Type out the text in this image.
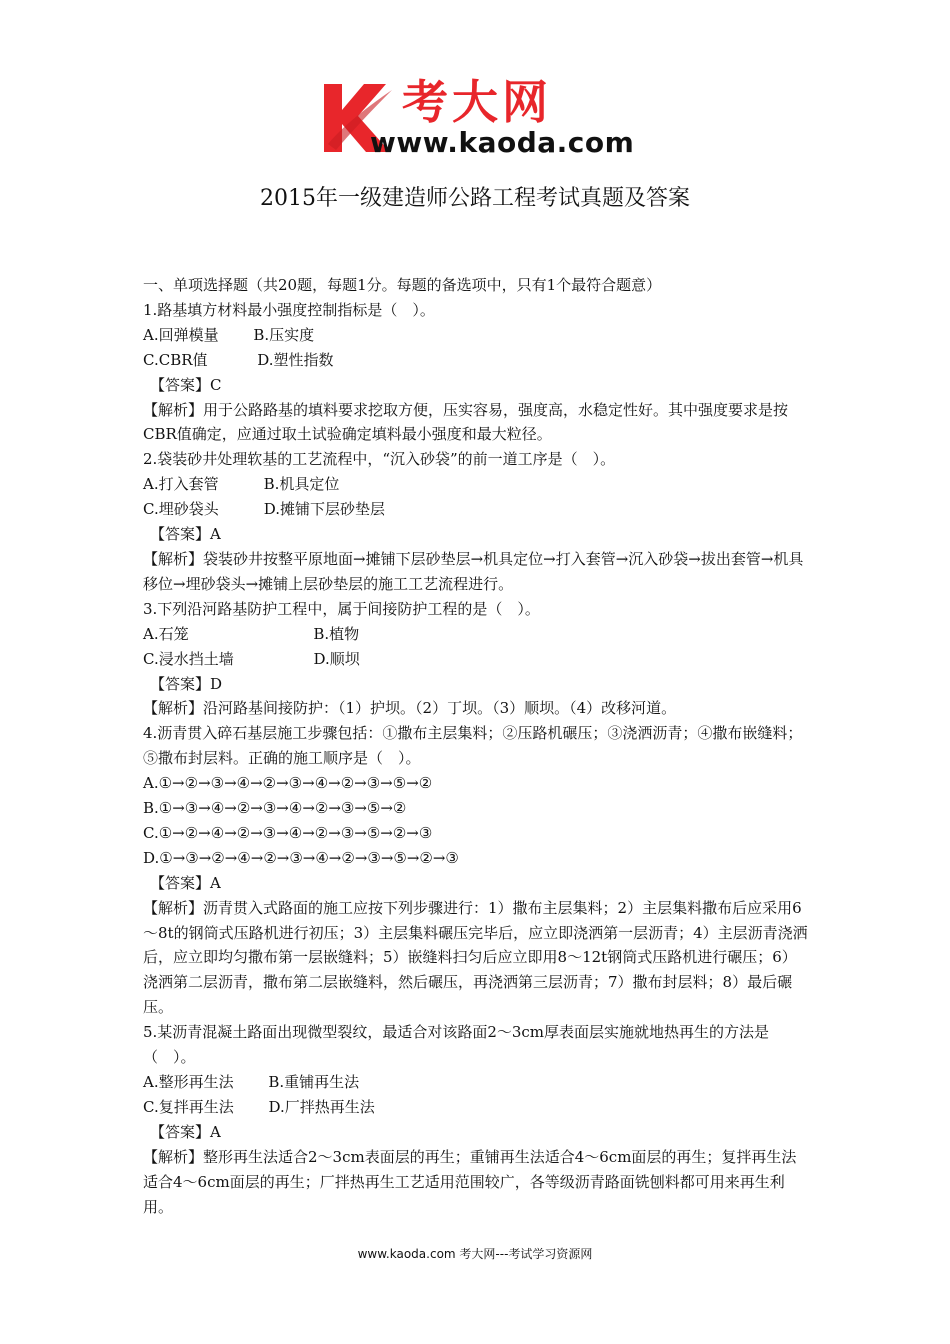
考大网
www.kaoda.com
2015年一级建造师公路工程考试真题及答案

一、单项选择题（共20题，每题1分。每题的备选项中，只有1个最符合题意）

1.路基填方材料最小强度控制指标是（　）。

A.回弹模量　　 B.压实度

C.CBR值　　　 D.塑性指数

【答案】C

【解析】用于公路路基的填料要求挖取方便，压实容易，强度高，水稳定性好。其中强度要求是按CBR值确定，应通过取土试验确定填料最小强度和最大粒径。

2.袋装砂井处理软基的工艺流程中，“沉入砂袋”的前一道工序是（　）。

A.打入套管　　　B.机具定位

C.埋砂袋头　　　D.摊铺下层砂垫层

【答案】A

【解析】袋装砂井按整平原地面→摊铺下层砂垫层→机具定位→打入套管→沉入砂袋→拔出套管→机具移位→埋砂袋头→摊铺上层砂垫层的施工工艺流程进行。

3.下列沿河路基防护工程中，属于间接防护工程的是（　）。

A.石笼　　　　　　　　 B.植物

C.浸水挡土墙　　　　　 D.顺坝

【答案】D

【解析】沿河路基间接防护：（1）护坝。（2）丁坝。（3）顺坝。（4）改移河道。

4.沥青贯入碎石基层施工步骤包括：①撒布主层集料；②压路机碾压；③浇洒沥青；④撒布嵌缝料；⑤撒布封层料。正确的施工顺序是（　）。

A.①→②→③→④→②→③→④→②→③→⑤→②

B.①→③→④→②→③→④→②→③→⑤→②

C.①→②→④→②→③→④→②→③→⑤→②→③

D.①→③→②→④→②→③→④→②→③→⑤→②→③

【答案】A

【解析】沥青贯入式路面的施工应按下列步骤进行：1）撒布主层集料；2）主层集料撒布后应采用6～8t的钢筒式压路机进行初压；3）主层集料碾压完毕后，应立即浇洒第一层沥青；4）主层沥青浇洒后，应立即均匀撒布第一层嵌缝料；5）嵌缝料扫匀后应立即用8～12t钢筒式压路机进行碾压；6）浇洒第二层沥青，撒布第二层嵌缝料，然后碾压，再浇洒第三层沥青；7）撒布封层料；8）最后碾压。

5.某沥青混凝土路面出现微型裂纹，最适合对该路面2～3cm厚表面层实施就地热再生的方法是（　）。

A.整形再生法　　 B.重铺再生法

C.复拌再生法　　 D.厂拌热再生法

【答案】A

【解析】整形再生法适合2～3cm表面层的再生；重铺再生法适合4～6cm面层的再生；复拌再生法适合4～6cm面层的再生；厂拌热再生工艺适用范围较广，各等级沥青路面铣刨料都可用来再生利用。

www.kaoda.com 考大网---考试学习资源网
